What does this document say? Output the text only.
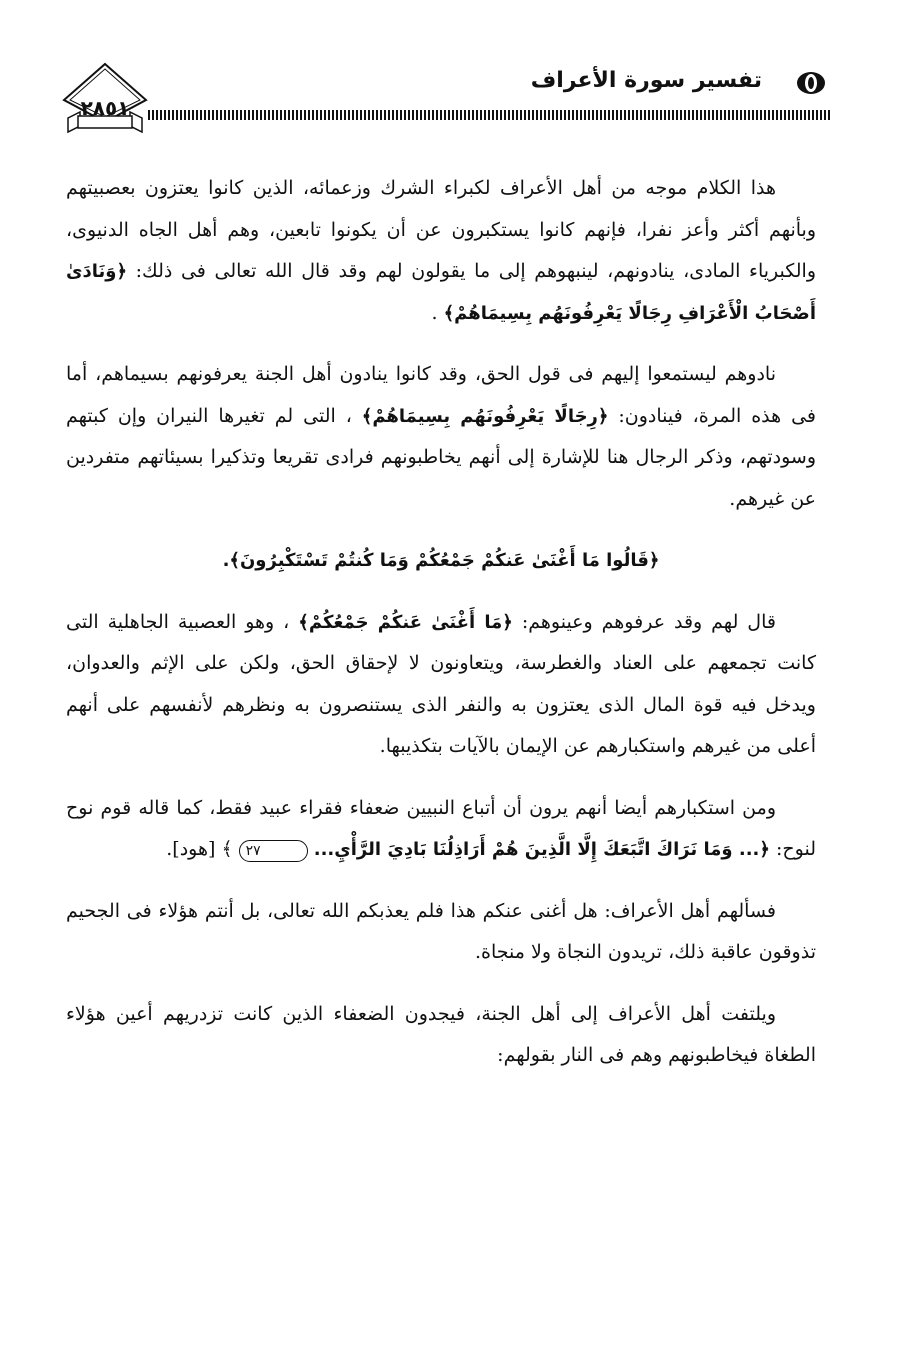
٢٨٥١
تفسير سورة الأعراف

هذا الكلام موجه من أهل الأعراف لكبراء الشرك وزعمائه، الذين كانوا يعتزون بعصبيتهم وبأنهم أكثر وأعز نفرا، فإنهم كانوا يستكبرون عن أن يكونوا تابعين، وهم أهل الجاه الدنيوى، والكبرياء المادى، ينادونهم، لينبهوهم إلى ما يقولون لهم وقد قال الله تعالى فى ذلك: ﴿وَنَادَىٰ أَصْحَابُ الْأَعْرَافِ رِجَالًا يَعْرِفُونَهُم بِسِيمَاهُمْ﴾ .

نادوهم ليستمعوا إليهم فى قول الحق، وقد كانوا ينادون أهل الجنة يعرفونهم بسيماهم، أما فى هذه المرة، فينادون: ﴿رِجَالًا يَعْرِفُونَهُم بِسِيمَاهُمْ﴾ ، التى لم تغيرها النيران وإن كبتهم وسودتهم، وذكر الرجال هنا للإشارة إلى أنهم يخاطبونهم فرادى تقريعا وتذكيرا بسيئاتهم متفردين عن غيرهم.

﴿قَالُوا مَا أَغْنَىٰ عَنكُمْ جَمْعُكُمْ وَمَا كُنتُمْ تَسْتَكْبِرُونَ﴾.

قال لهم وقد عرفوهم وعينوهم: ﴿مَا أَغْنَىٰ عَنكُمْ جَمْعُكُمْ﴾ ، وهو العصبية الجاهلية التى كانت تجمعهم على العناد والغطرسة، ويتعاونون لا لإحقاق الحق، ولكن على الإثم والعدوان، ويدخل فيه قوة المال الذى يعتزون به والنفر الذى يستنصرون به ونظرهم لأنفسهم على أنهم أعلى من غيرهم واستكبارهم عن الإيمان بالآيات بتكذيبها.

ومن استكبارهم أيضا أنهم يرون أن أتباع النبيين ضعفاء فقراء عبيد فقط، كما قاله قوم نوح لنوح: ﴿... وَمَا نَرَاكَ اتَّبَعَكَ إِلَّا الَّذِينَ هُمْ أَرَاذِلُنَا بَادِيَ الرَّأْيِ... ٢٧ ﴾ [هود].

فسألهم أهل الأعراف: هل أغنى عنكم هذا فلم يعذبكم الله تعالى، بل أنتم هؤلاء فى الجحيم تذوقون عاقبة ذلك، تريدون النجاة ولا منجاة.

ويلتفت أهل الأعراف إلى أهل الجنة، فيجدون الضعفاء الذين كانت تزدريهم أعين هؤلاء الطغاة فيخاطبونهم وهم فى النار بقولهم:
